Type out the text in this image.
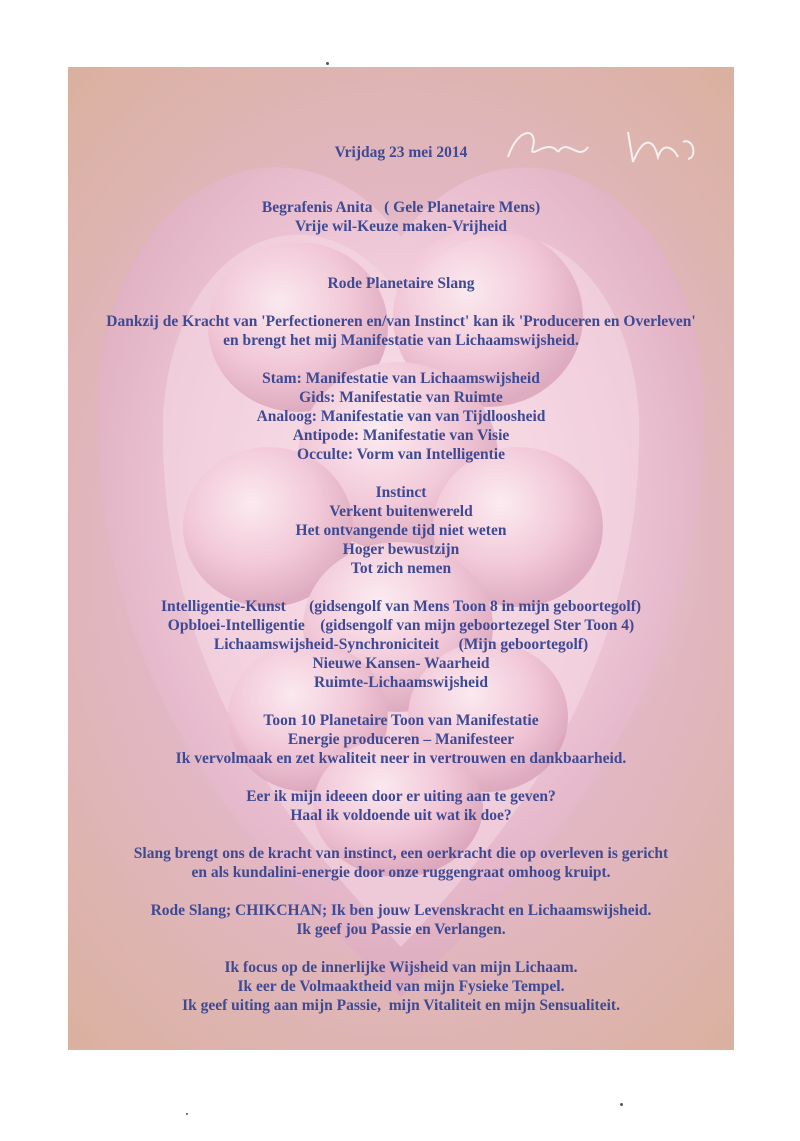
Vrijdag 23 mei 2014
Begrafenis Anita   ( Gele Planetaire Mens)
Vrije wil-Keuze maken-Vrijheid
Rode Planetaire Slang
Dankzij de Kracht van 'Perfectioneren en/van Instinct' kan ik 'Produceren en Overleven'
en brengt het mij Manifestatie van Lichaamswijsheid.
Stam: Manifestatie van Lichaamswijsheid
Gids: Manifestatie van Ruimte
Analoog: Manifestatie van van Tijdloosheid
Antipode: Manifestatie van Visie
Occulte: Vorm van Intelligentie
Instinct
Verkent buitenwereld
Het ontvangende tijd niet weten
Hoger bewustzijn
Tot zich nemen
Intelligentie-Kunst      (gidsengolf van Mens Toon 8 in mijn geboortegolf)
Opbloei-Intelligentie    (gidsengolf van mijn geboortezegel Ster Toon 4)
Lichaamswijsheid-Synchroniciteit     (Mijn geboortegolf)
Nieuwe Kansen- Waarheid
Ruimte-Lichaamswijsheid
Toon 10 Planetaire Toon van Manifestatie
Energie produceren – Manifesteer
Ik vervolmaak en zet kwaliteit neer in vertrouwen en dankbaarheid.
Eer ik mijn ideeen door er uiting aan te geven?
Haal ik voldoende uit wat ik doe?
Slang brengt ons de kracht van instinct, een oerkracht die op overleven is gericht
en als kundalini-energie door onze ruggengraat omhoog kruipt.
Rode Slang; CHIKCHAN; Ik ben jouw Levenskracht en Lichaamswijsheid.
Ik geef jou Passie en Verlangen.
Ik focus op de innerlijke Wijsheid van mijn Lichaam.
Ik eer de Volmaaktheid van mijn Fysieke Tempel.
Ik geef uiting aan mijn Passie,  mijn Vitaliteit en mijn Sensualiteit.
